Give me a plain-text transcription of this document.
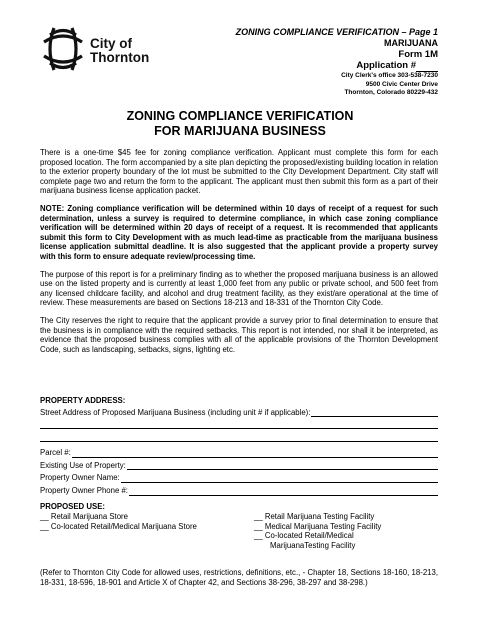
City of
Thornton
ZONING COMPLIANCE VERIFICATION – Page 1
MARIJUANA
Form 1M
Application #
City Clerk's office 303-538-7230
9500 Civic Center Drive
Thornton, Colorado 80229-432
ZONING COMPLIANCE VERIFICATION
FOR MARIJUANA BUSINESS

There is a one-time $45 fee for zoning compliance verification. Applicant must complete this form for each proposed location. The form accompanied by a site plan depicting the proposed/existing building location in relation to the exterior property boundary of the lot must be submitted to the City Development Department. City staff will complete page two and return the form to the applicant. The applicant must then submit this form as a part of their marijuana business license application packet.

NOTE: Zoning compliance verification will be determined within 10 days of receipt of a request for such determination, unless a survey is required to determine compliance, in which case zoning compliance verification will be determined within 20 days of receipt of a request. It is recommended that applicants submit this form to City Development with as much lead-time as practicable from the marijuana business license application submittal deadline. It is also suggested that the applicant provide a property survey with this form to ensure adequate review/processing time.

The purpose of this report is for a preliminary finding as to whether the proposed marijuana business is an allowed use on the listed property and is currently at least 1,000 feet from any public or private school, and 500 feet from any licensed childcare facility, and alcohol and drug treatment facility, as they exist/are operational at the time of review. These measurements are based on Sections 18-213 and 18-331 of the Thornton City Code.

The City reserves the right to require that the applicant provide a survey prior to final determination to ensure that the business is in compliance with the required setbacks. This report is not intended, nor shall it be interpreted, as evidence that the proposed business complies with all of the applicable provisions of the Thornton Development Code, such as landscaping, setbacks, signs, lighting etc.

PROPERTY ADDRESS:
Street Address of Proposed Marijuana Business (including unit # if applicable):
Parcel #:
Existing Use of Property:
Property Owner Name:
Property Owner Phone #:
PROPOSED USE:
__ Retail Marijuana Store
__ Co-located Retail/Medical Marijuana Store
__ Retail Marijuana Testing Facility
__ Medical Marijuana Testing Facility
__ Co-located Retail/Medical
MarijuanaTesting Facility
(Refer to Thornton City Code for allowed uses, restrictions, definitions, etc., - Chapter 18, Sections 18-160, 18-213, 18-331, 18-596, 18-901 and Article X of Chapter 42, and Sections 38-296, 38-297 and 38-298.)
